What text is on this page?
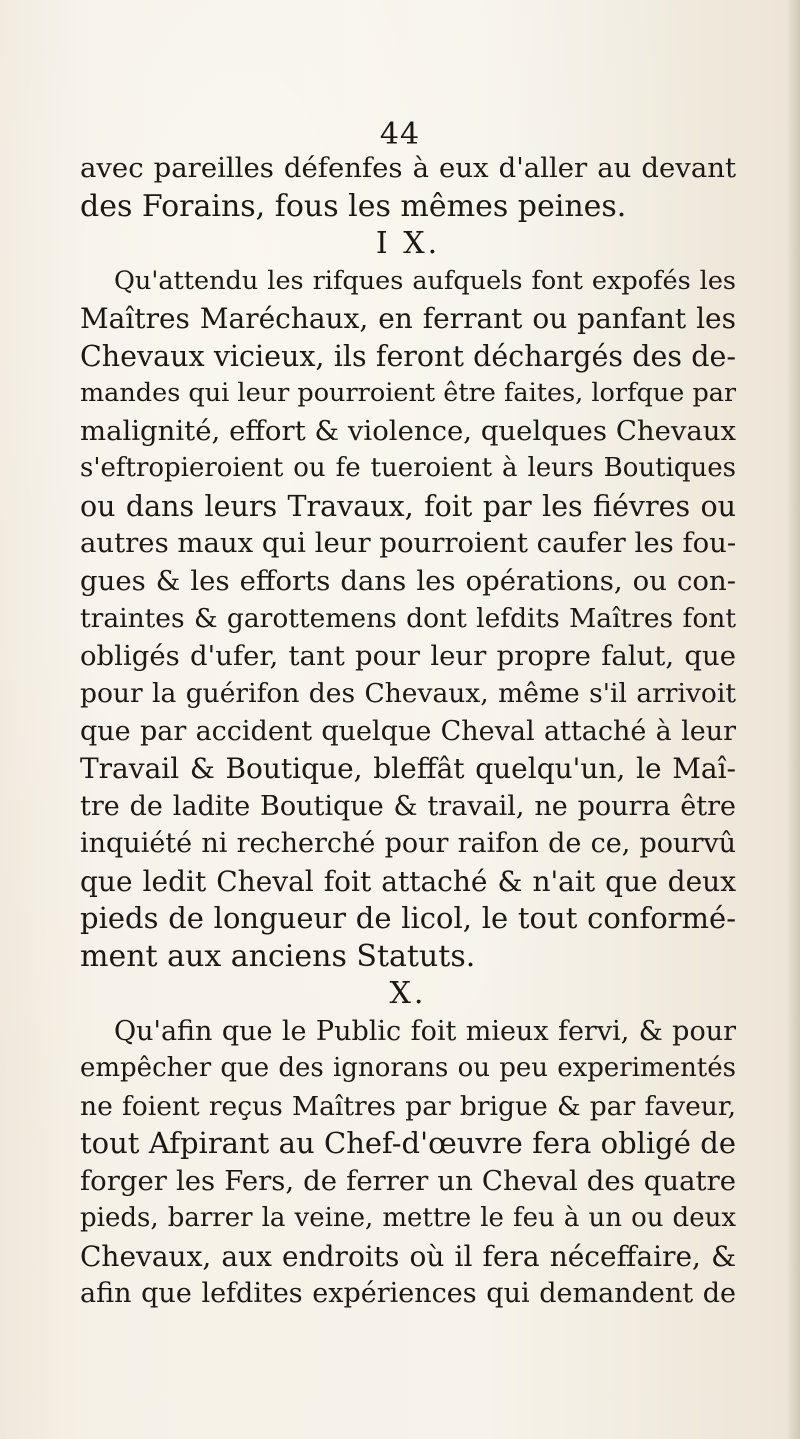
44
avec pareilles défenfes à eux d'aller au devant
des Forains, fous les mêmes peines.
I X.
Qu'attendu les rifques aufquels font expofés les
Maîtres Maréchaux, en ferrant ou panfant les
Chevaux vicieux, ils feront déchargés des de-
mandes qui leur pourroient être faites, lorfque par
malignité, effort & violence, quelques Chevaux
s'eftropieroient ou fe tueroient à leurs Boutiques
ou dans leurs Travaux, foit par les fiévres ou
autres maux qui leur pourroient caufer les fou-
gues & les efforts dans les opérations, ou con-
traintes & garottemens dont lefdits Maîtres font
obligés d'ufer, tant pour leur propre falut, que
pour la guérifon des Chevaux, même s'il arrivoit
que par accident quelque Cheval attaché à leur
Travail & Boutique, bleffât quelqu'un, le Maî-
tre de ladite Boutique & travail, ne pourra être
inquiété ni recherché pour raifon de ce, pourvû
que ledit Cheval foit attaché & n'ait que deux
pieds de longueur de licol, le tout conformé-
ment aux anciens Statuts.
X.
Qu'afin que le Public foit mieux fervi, & pour
empêcher que des ignorans ou peu experimentés
ne foient reçus Maîtres par brigue & par faveur,
tout Afpirant au Chef-d'œuvre fera obligé de
forger les Fers, de ferrer un Cheval des quatre
pieds, barrer la veine, mettre le feu à un ou deux
Chevaux, aux endroits où il fera néceffaire, &
afin que lefdites expériences qui demandent de
